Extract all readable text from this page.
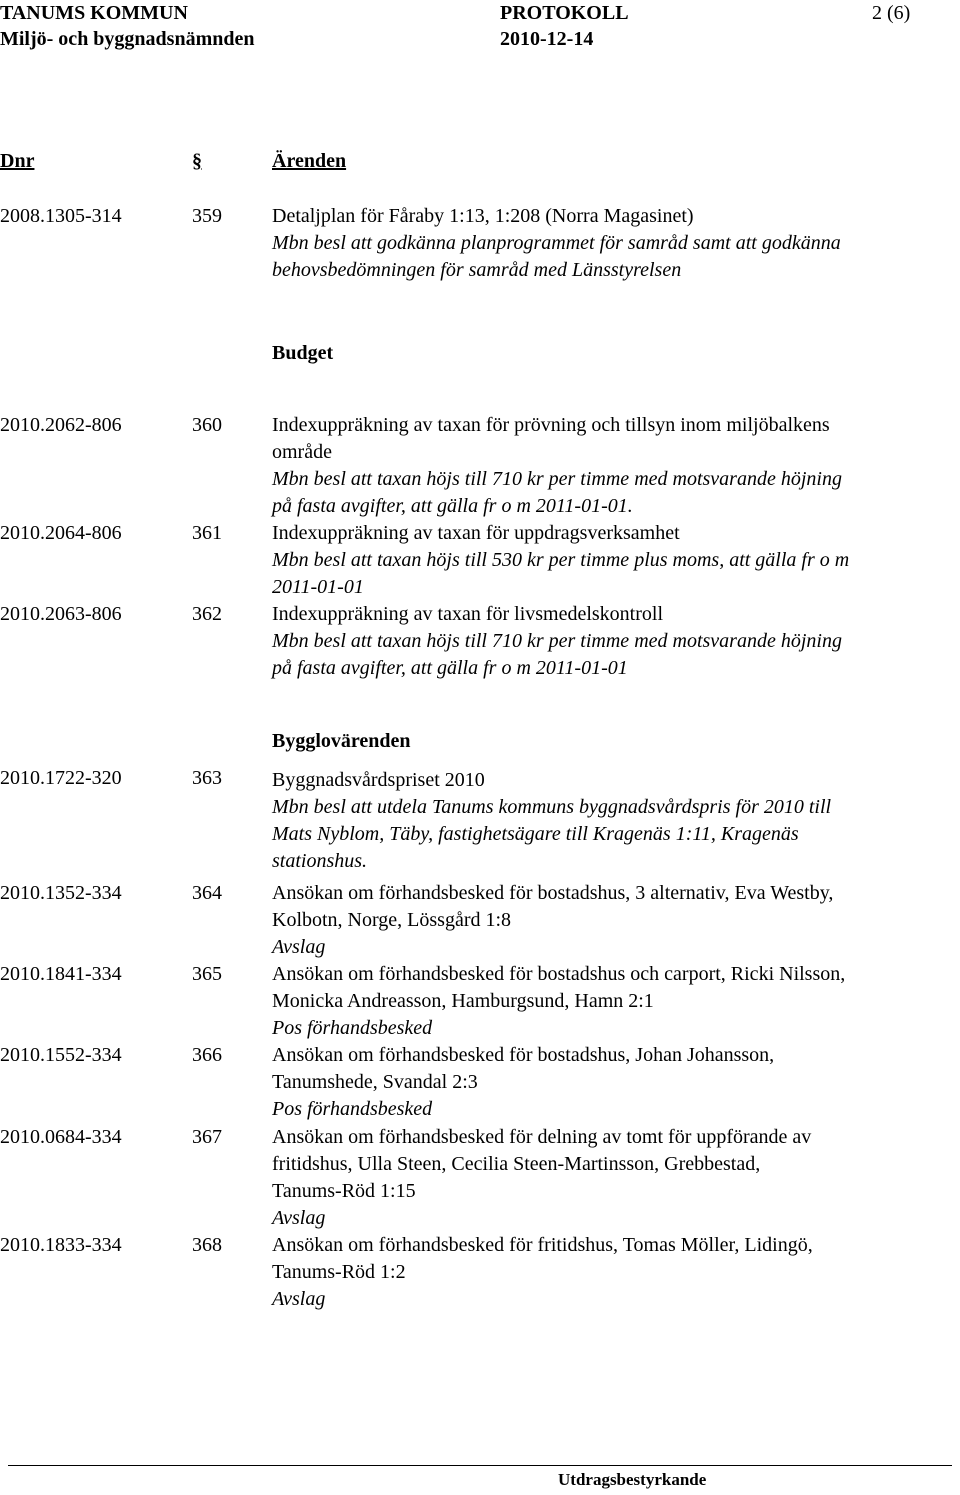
TANUMS KOMMUN	PROTOKOLL	2 (6)
Miljö- och byggnadsnämnden	2010-12-14
Dnr	§	Ärenden
2008.1305-314	359	Detaljplan för Fåraby 1:13, 1:208 (Norra Magasinet)
Mbn besl att godkänna planprogrammet för samråd samt att godkänna
behovsbedömningen för samråd med Länsstyrelsen
Budget
2010.2062-806	360	Indexuppräkning av taxan för prövning och tillsyn inom miljöbalkens
område
Mbn besl att taxan höjs till 710 kr per timme med motsvarande höjning
på fasta avgifter, att gälla fr o m 2011-01-01.
2010.2064-806	361	Indexuppräkning av taxan för uppdragsverksamhet
Mbn besl att taxan höjs till 530 kr per timme plus moms, att gälla fr o m
2011-01-01
2010.2063-806	362	Indexuppräkning av taxan för livsmedelskontroll
Mbn besl att taxan höjs till 710 kr per timme med motsvarande höjning
på fasta avgifter, att gälla fr o m 2011-01-01
Bygglovärenden
2010.1722-320	363	Byggnadsvårdspriset 2010
Mbn besl att utdela Tanums kommuns byggnadsvårdspris för 2010 till
Mats Nyblom, Täby, fastighetsägare till Kragenäs 1:11, Kragenäs
stationshus.
2010.1352-334	364	Ansökan om förhandsbesked för bostadshus, 3 alternativ, Eva Westby,
Kolbotn, Norge, Lössgård 1:8
Avslag
2010.1841-334	365	Ansökan om förhandsbesked för bostadshus och carport, Ricki Nilsson,
Monicka Andreasson, Hamburgsund, Hamn 2:1
Pos förhandsbesked
2010.1552-334	366	Ansökan om förhandsbesked för bostadshus, Johan Johansson,
Tanumshede, Svandal 2:3
Pos förhandsbesked
2010.0684-334	367	Ansökan om förhandsbesked för delning av tomt för uppförande av
fritidshus, Ulla Steen, Cecilia Steen-Martinsson, Grebbestad,
Tanums-Röd 1:15
Avslag
2010.1833-334	368	Ansökan om förhandsbesked för fritidshus, Tomas Möller, Lidingö,
Tanums-Röd 1:2
Avslag
Utdragsbestyrkande
